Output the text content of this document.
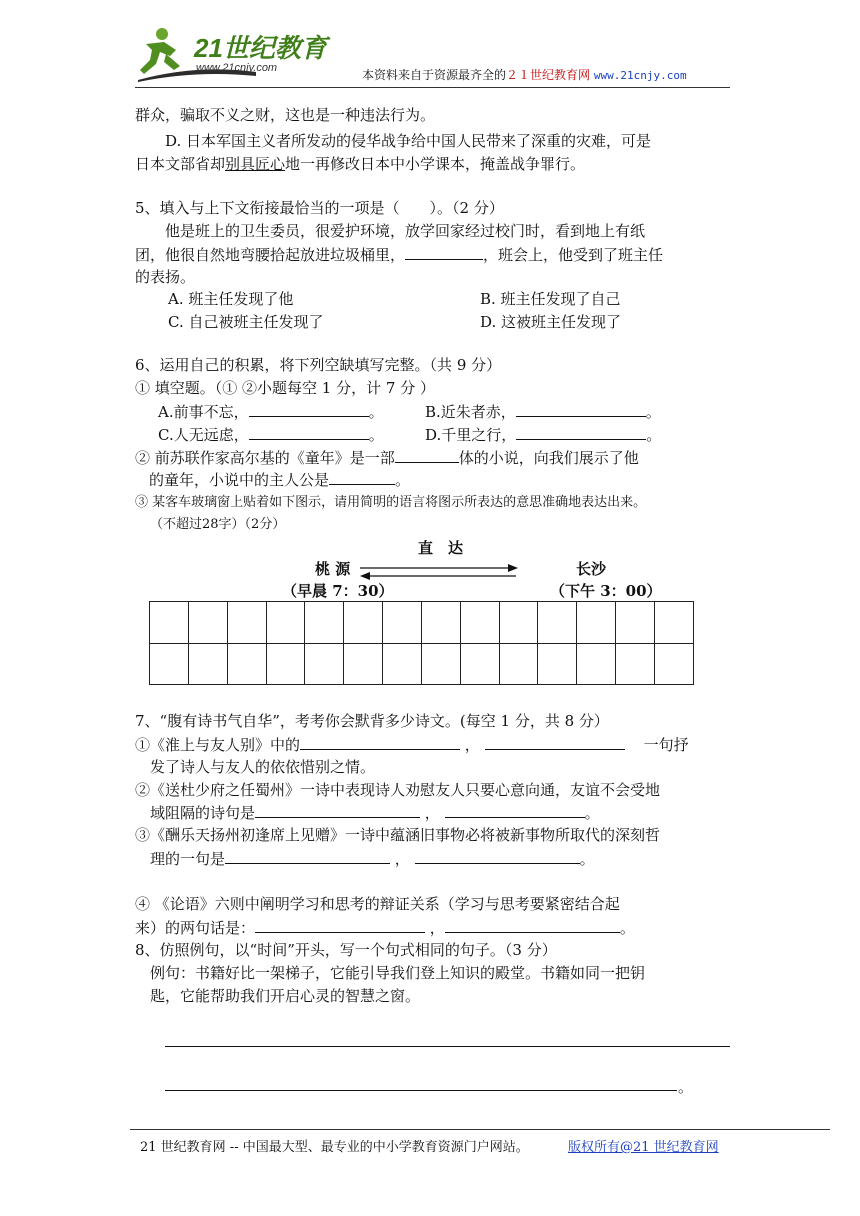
21世纪教育
www.21cnjy.com	本资料来自于资源最齐全的２１世纪教育网 www.21cnjy.com
群众，骗取不义之财，这也是一种违法行为。
D. 日本军国主义者所发动的侵华战争给中国人民带来了深重的灾难，可是
日本文部省却别具匠心地一再修改日本中小学课本，掩盖战争罪行。
5、填入与上下文衔接最恰当的一项是（　　）。（2 分）
他是班上的卫生委员，很爱护环境，放学回家经过校门时，看到地上有纸
团，他很自然地弯腰拾起放进垃圾桶里，	，班会上，他受到了班主任
的表扬。
A. 班主任发现了他	B. 班主任发现了自己
C. 自己被班主任发现了	D. 这被班主任发现了
6、运用自己的积累，将下列空缺填写完整。（共 9 分）
① 填空题。（① ②小题每空 1 分，计 7 分 ）
A.前事不忘，	。	B.近朱者赤，	。
C.人无远虑，	。	D.千里之行，	。
② 前苏联作家高尔基的《童年》是一部	体的小说，向我们展示了他
的童年，小说中的主人公是	。
③ 某客车玻璃窗上贴着如下图示，请用简明的语言将图示所表达的意思准确地表达出来。
（不超过28字）（2分）
直　达
桃 源	长沙
（早晨 7：30）	（下午 3：00）

7、“腹有诗书气自华”，考考你会默背多少诗文。(每空 1 分，共 8 分）
①《淮上与友人别》中的	，	一句抒
发了诗人与友人的依依惜别之情。
②《送杜少府之任蜀州》一诗中表现诗人劝慰友人只要心意向通，友谊不会受地
域阻隔的诗句是	，	。
③《酬乐天扬州初逢席上见赠》一诗中蕴涵旧事物必将被新事物所取代的深刻哲
理的一句是	，	。
④ 《论语》六则中阐明学习和思考的辩证关系（学习与思考要紧密结合起
来）的两句话是：	，	。
8、仿照例句，以“时间”开头，写一个句式相同的句子。（3 分）
例句：书籍好比一架梯子，它能引导我们登上知识的殿堂。书籍如同一把钥
匙，它能帮助我们开启心灵的智慧之窗。
。
21 世纪教育网 -- 中国最大型、最专业的中小学教育资源门户网站。	版权所有@21 世纪教育网
